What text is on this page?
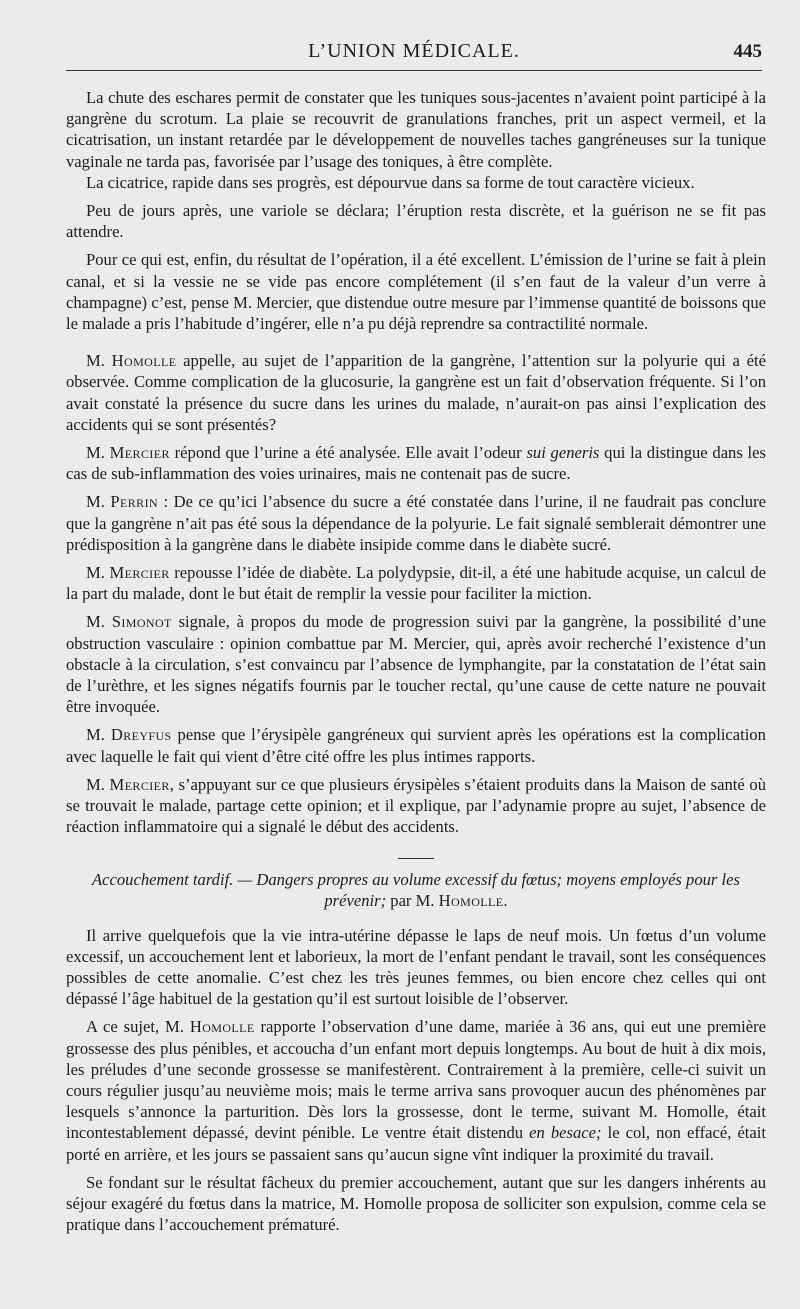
L’UNION MÉDICALE.	445

La chute des eschares permit de constater que les tuniques sous-jacentes n’avaient point participé à la gangrène du scrotum. La plaie se recouvrit de granulations franches, prit un aspect vermeil, et la cicatrisation, un instant retardée par le développement de nouvelles taches gangréneuses sur la tunique vaginale ne tarda pas, favorisée par l’usage des toniques, à être complète.

La cicatrice, rapide dans ses progrès, est dépourvue dans sa forme de tout caractère vicieux.

Peu de jours après, une variole se déclara; l’éruption resta discrète, et la guérison ne se fit pas attendre.

Pour ce qui est, enfin, du résultat de l’opération, il a été excellent. L’émission de l’urine se fait à plein canal, et si la vessie ne se vide pas encore complétement (il s’en faut de la valeur d’un verre à champagne) c’est, pense M. Mercier, que distendue outre mesure par l’immense quantité de boissons que le malade a pris l’habitude d’ingérer, elle n’a pu déjà reprendre sa contractilité normale.

M. Homolle appelle, au sujet de l’apparition de la gangrène, l’attention sur la polyurie qui a été observée. Comme complication de la glucosurie, la gangrène est un fait d’observation fréquente. Si l’on avait constaté la présence du sucre dans les urines du malade, n’aurait-on pas ainsi l’explication des accidents qui se sont présentés?

M. Mercier répond que l’urine a été analysée. Elle avait l’odeur sui generis qui la distingue dans les cas de sub-inflammation des voies urinaires, mais ne contenait pas de sucre.

M. Perrin : De ce qu’ici l’absence du sucre a été constatée dans l’urine, il ne faudrait pas conclure que la gangrène n’ait pas été sous la dépendance de la polyurie. Le fait signalé semblerait démontrer une prédisposition à la gangrène dans le diabète insipide comme dans le diabète sucré.

M. Mercier repousse l’idée de diabète. La polydypsie, dit-il, a été une habitude acquise, un calcul de la part du malade, dont le but était de remplir la vessie pour faciliter la miction.

M. Simonot signale, à propos du mode de progression suivi par la gangrène, la possibilité d’une obstruction vasculaire : opinion combattue par M. Mercier, qui, après avoir recherché l’existence d’un obstacle à la circulation, s’est convaincu par l’absence de lymphangite, par la constatation de l’état sain de l’urèthre, et les signes négatifs fournis par le toucher rectal, qu’une cause de cette nature ne pouvait être invoquée.

M. Dreyfus pense que l’érysipèle gangréneux qui survient après les opérations est la complication avec laquelle le fait qui vient d’être cité offre les plus intimes rapports.

M. Mercier, s’appuyant sur ce que plusieurs érysipèles s’étaient produits dans la Maison de santé où se trouvait le malade, partage cette opinion; et il explique, par l’adynamie propre au sujet, l’absence de réaction inflammatoire qui a signalé le début des accidents.

Accouchement tardif. — Dangers propres au volume excessif du fœtus; moyens employés pour les prévenir; par M. Homolle.

Il arrive quelquefois que la vie intra-utérine dépasse le laps de neuf mois. Un fœtus d’un volume excessif, un accouchement lent et laborieux, la mort de l’enfant pendant le travail, sont les conséquences possibles de cette anomalie. C’est chez les très jeunes femmes, ou bien encore chez celles qui ont dépassé l’âge habituel de la gestation qu’il est surtout loisible de l’observer.

A ce sujet, M. Homolle rapporte l’observation d’une dame, mariée à 36 ans, qui eut une première grossesse des plus pénibles, et accoucha d’un enfant mort depuis longtemps. Au bout de huit à dix mois, les préludes d’une seconde grossesse se manifestèrent. Contrairement à la première, celle-ci suivit un cours régulier jusqu’au neuvième mois; mais le terme arriva sans provoquer aucun des phénomènes par lesquels s’annonce la parturition. Dès lors la grossesse, dont le terme, suivant M. Homolle, était incontestablement dépassé, devint pénible. Le ventre était distendu en besace; le col, non effacé, était porté en arrière, et les jours se passaient sans qu’aucun signe vînt indiquer la proximité du travail.

Se fondant sur le résultat fâcheux du premier accouchement, autant que sur les dangers inhérents au séjour exagéré du fœtus dans la matrice, M. Homolle proposa de solliciter son expulsion, comme cela se pratique dans l’accouchement prématuré.
